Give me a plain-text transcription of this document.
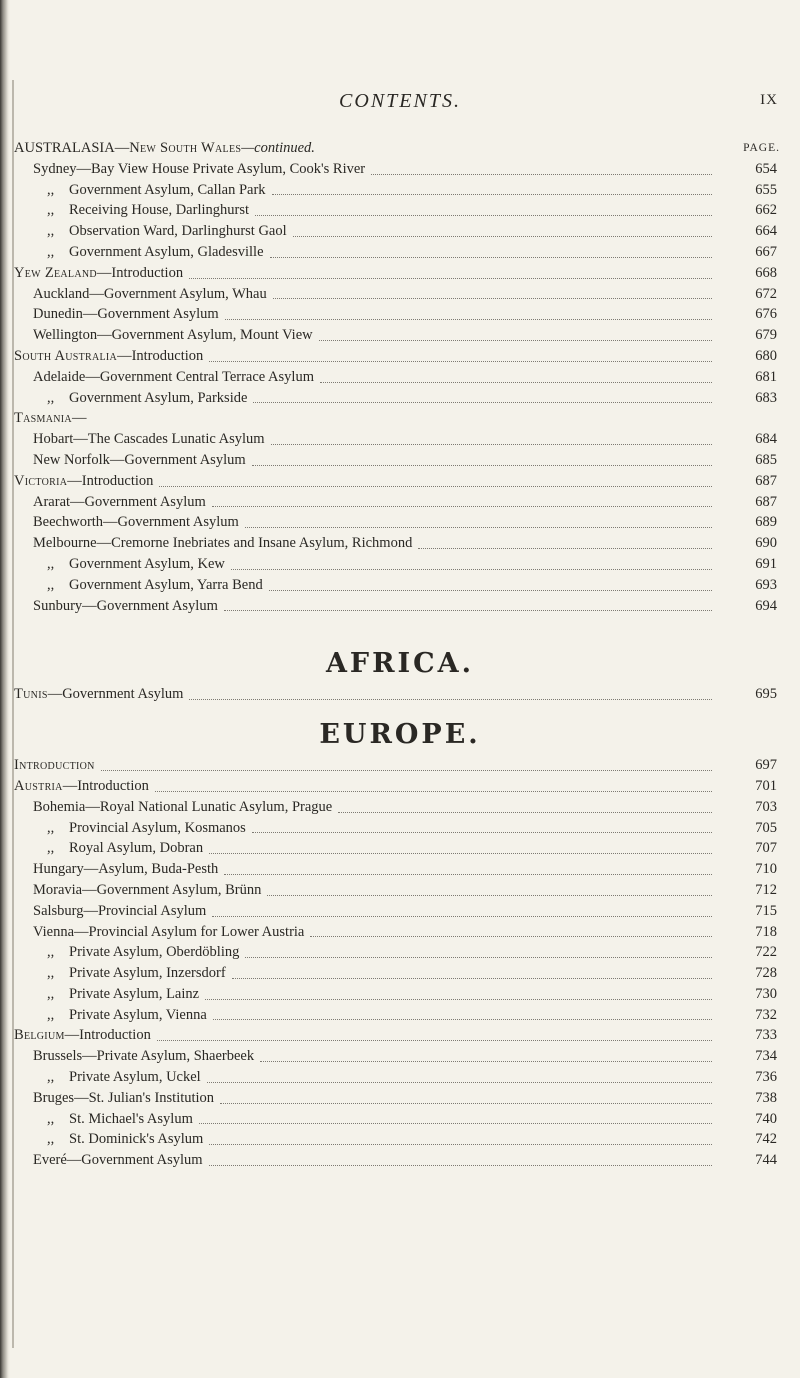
CONTENTS.	IX
AUSTRALASIA—New South Wales—continued.	PAGE.
Sydney—Bay View House Private Asylum, Cook's River	654
,, Government Asylum, Callan Park	655
,, Receiving House, Darlinghurst	662
,, Observation Ward, Darlinghurst Gaol	664
,, Government Asylum, Gladesville	667
Yew Zealand—Introduction	668
Auckland—Government Asylum, Whau	672
Dunedin—Government Asylum	676
Wellington—Government Asylum, Mount View	679
South Australia—Introduction	680
Adelaide—Government Central Terrace Asylum	681
,, Government Asylum, Parkside	683
Tasmania—
Hobart—The Cascades Lunatic Asylum	684
New Norfolk—Government Asylum	685
Victoria—Introduction	687
Ararat—Government Asylum	687
Beechworth—Government Asylum	689
Melbourne—Cremorne Inebriates and Insane Asylum, Richmond	690
,, Government Asylum, Kew	691
,, Government Asylum, Yarra Bend	693
Sunbury—Government Asylum	694
AFRICA.
Tunis—Government Asylum	695
EUROPE.
Introduction	697
Austria—Introduction	701
Bohemia—Royal National Lunatic Asylum, Prague	703
,, Provincial Asylum, Kosmanos	705
,, Royal Asylum, Dobran	707
Hungary—Asylum, Buda-Pesth	710
Moravia—Government Asylum, Brünn	712
Salsburg—Provincial Asylum	715
Vienna—Provincial Asylum for Lower Austria	718
,, Private Asylum, Oberdöbling	722
,, Private Asylum, Inzersdorf	728
,, Private Asylum, Lainz	730
,, Private Asylum, Vienna	732
Belgium—Introduction	733
Brussels—Private Asylum, Shaerbeek	734
,, Private Asylum, Uckel	736
Bruges—St. Julian's Institution	738
,, St. Michael's Asylum	740
,, St. Dominick's Asylum	742
Everé—Government Asylum	744
